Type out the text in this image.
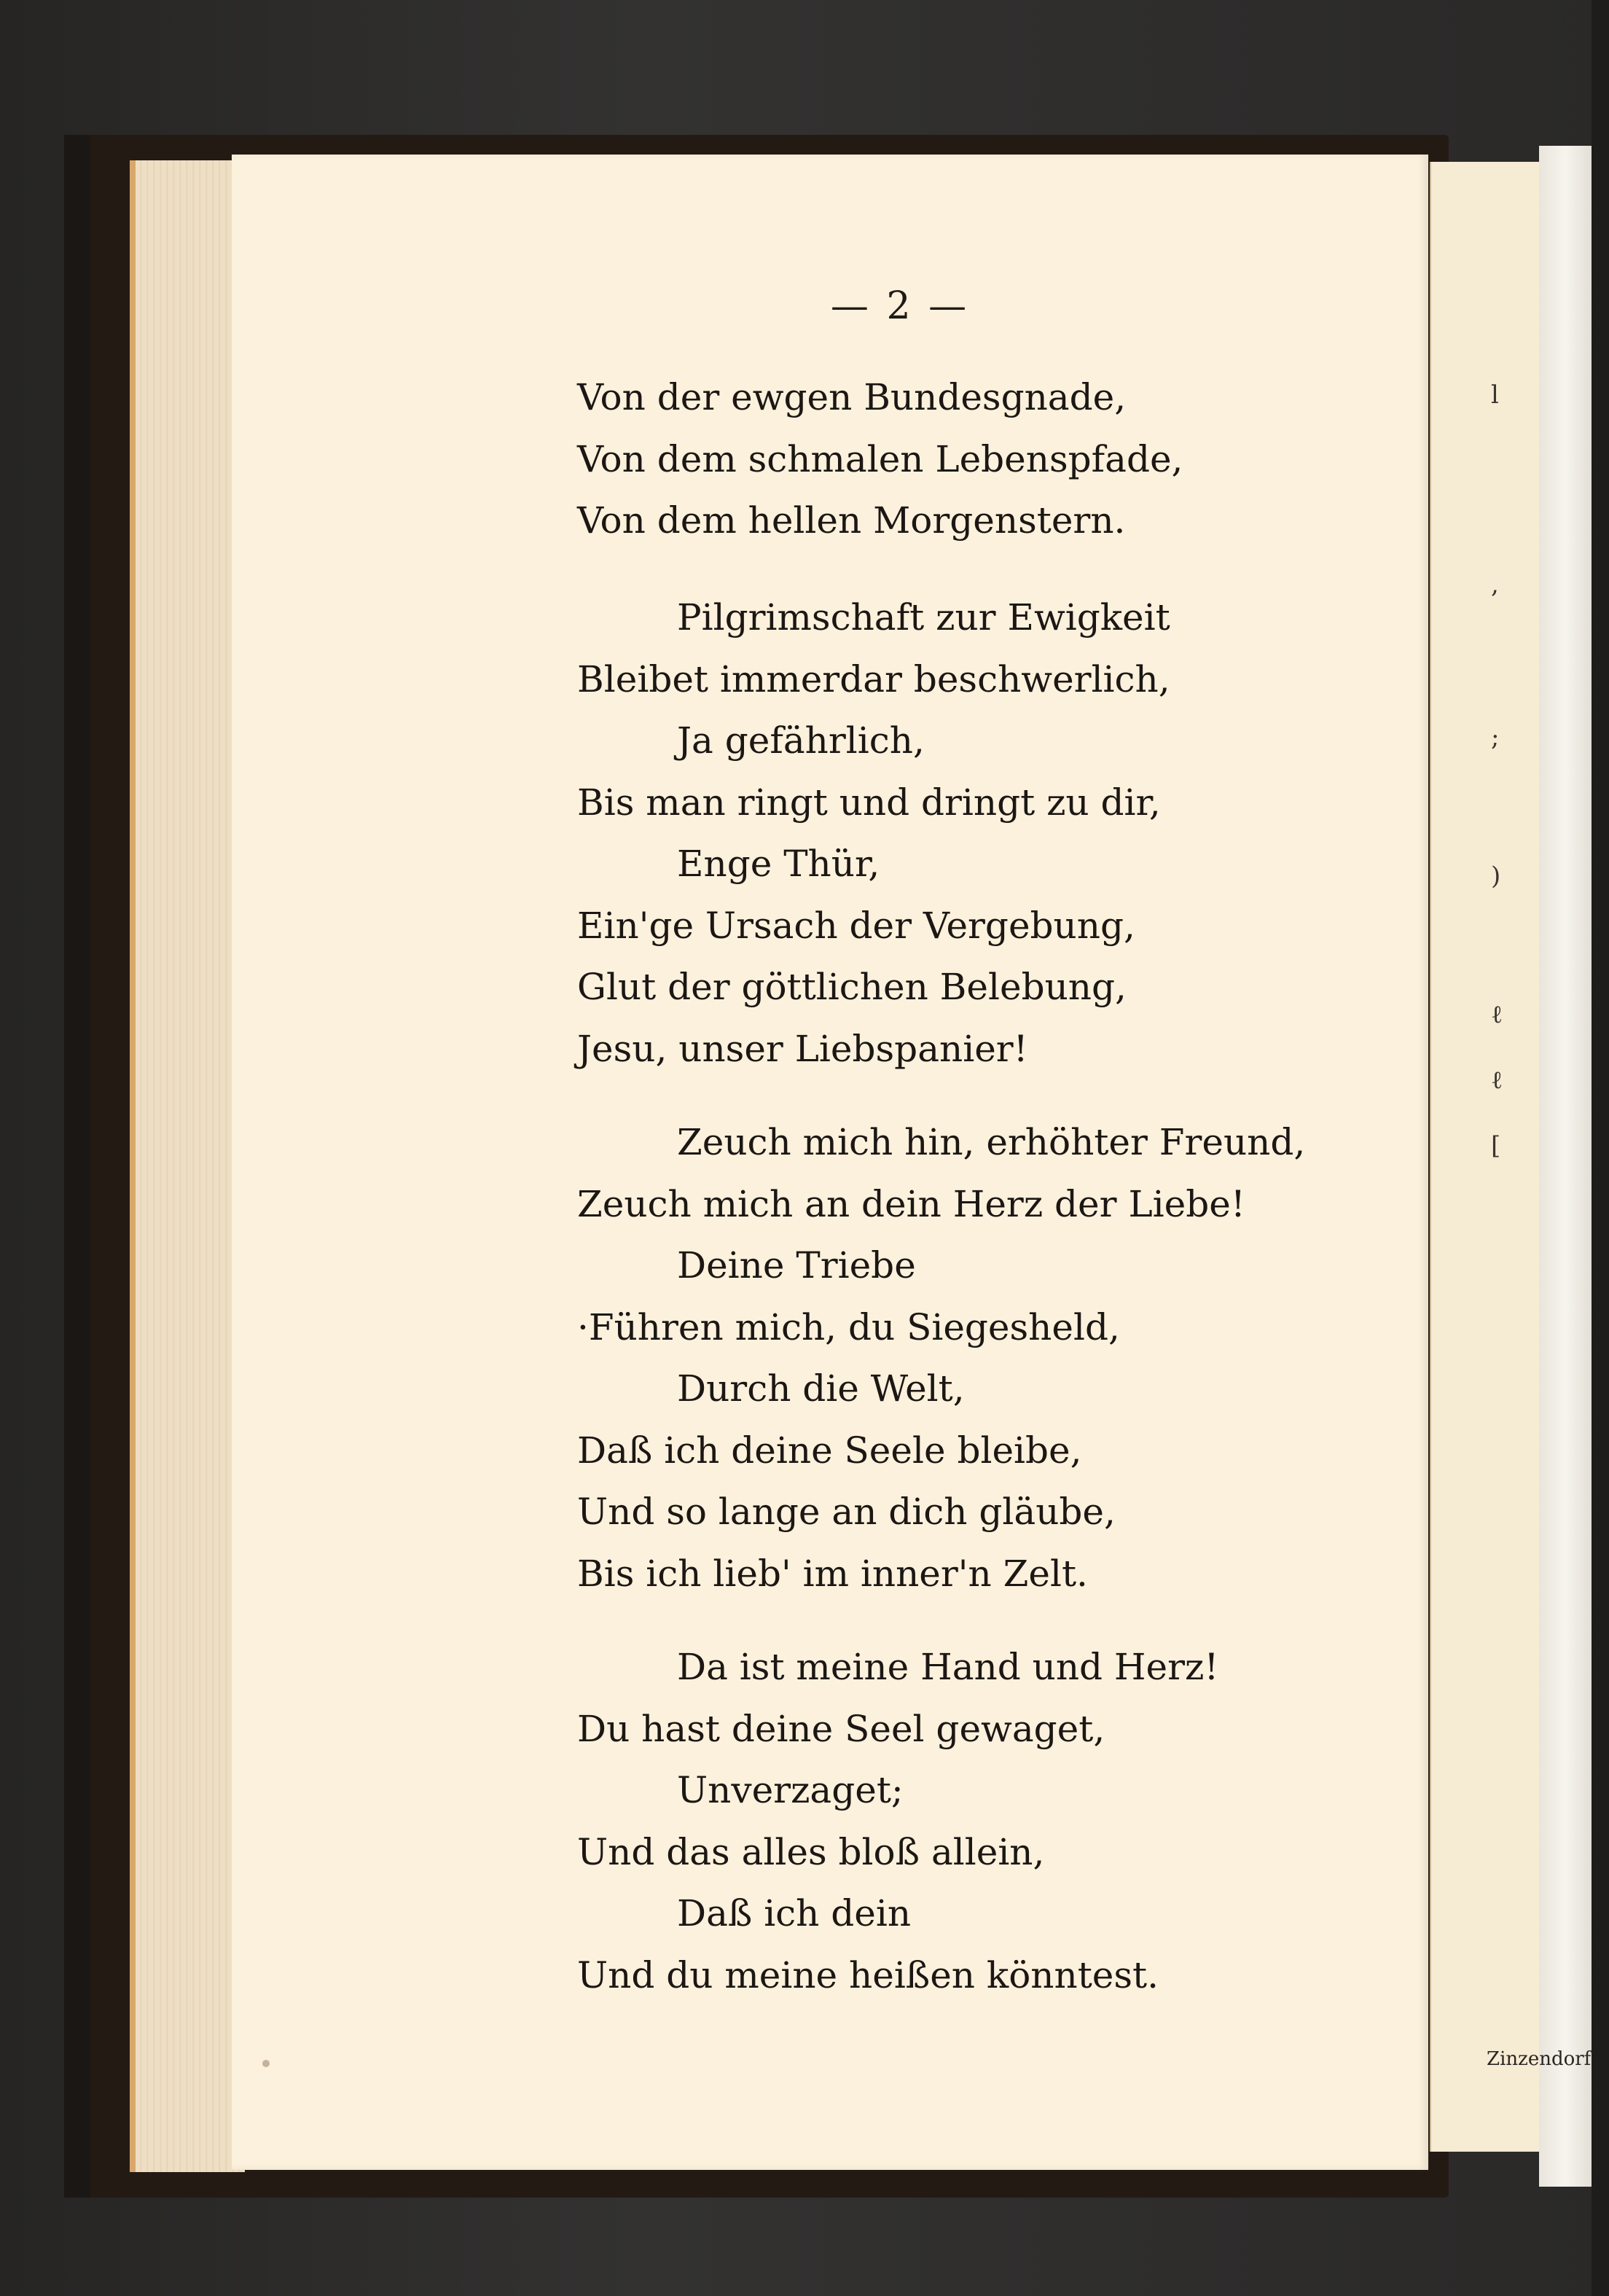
l
,
;
)
ℓ
ℓ
[
Zinzendorf
— 2 —
Von der ewgen Bundesgnade,
Von dem schmalen Lebenspfade,
Von dem hellen Morgenstern.
Pilgrimschaft zur Ewigkeit
Bleibet immerdar beschwerlich,
Ja gefährlich,
Bis man ringt und dringt zu dir,
Enge Thür,
Ein'ge Ursach der Vergebung,
Glut der göttlichen Belebung,
Jesu, unser Liebspanier!
Zeuch mich hin, erhöhter Freund,
Zeuch mich an dein Herz der Liebe!
Deine Triebe
·Führen mich, du Siegesheld,
Durch die Welt,
Daß ich deine Seele bleibe,
Und so lange an dich gläube,
Bis ich lieb' im inner'n Zelt.
Da ist meine Hand und Herz!
Du hast deine Seel gewaget,
Unverzaget;
Und das alles bloß allein,
Daß ich dein
Und du meine heißen könntest.
